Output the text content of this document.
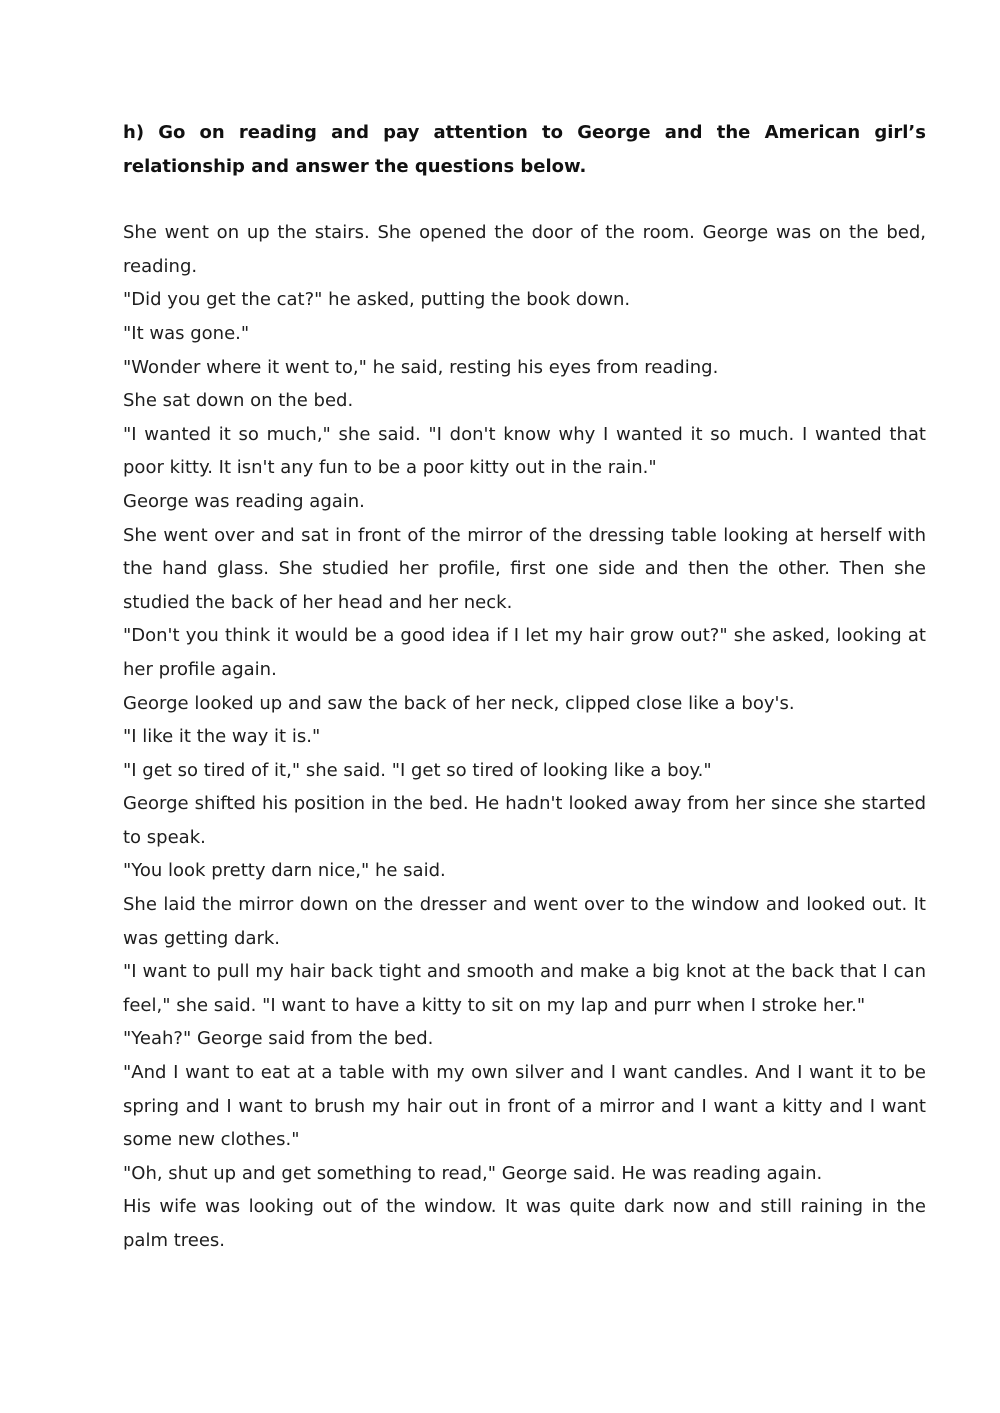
h) Go on reading and pay attention to George and the American girl’s relationship and answer the questions below.

She went on up the stairs. She opened the door of the room. George was on the bed, reading.

"Did you get the cat?" he asked, putting the book down.

"It was gone."

"Wonder where it went to," he said, resting his eyes from reading.

She sat down on the bed.

"I wanted it so much," she said. "I don't know why I wanted it so much. I wanted that poor kitty. It isn't any fun to be a poor kitty out in the rain."

George was reading again.

She went over and sat in front of the mirror of the dressing table looking at herself with the hand glass. She studied her profile, first one side and then the other. Then she studied the back of her head and her neck.

"Don't you think it would be a good idea if I let my hair grow out?" she asked, looking at her profile again.

George looked up and saw the back of her neck, clipped close like a boy's.

"I like it the way it is."

"I get so tired of it," she said. "I get so tired of looking like a boy."

George shifted his position in the bed. He hadn't looked away from her since she started to speak.

"You look pretty darn nice," he said.

She laid the mirror down on the dresser and went over to the window and looked out. It was getting dark.

"I want to pull my hair back tight and smooth and make a big knot at the back that I can feel," she said. "I want to have a kitty to sit on my lap and purr when I stroke her."

"Yeah?" George said from the bed.

"And I want to eat at a table with my own silver and I want candles. And I want it to be spring and I want to brush my hair out in front of a mirror and I want a kitty and I want some new clothes."

"Oh, shut up and get something to read," George said. He was reading again.

His wife was looking out of the window. It was quite dark now and still raining in the palm trees.
